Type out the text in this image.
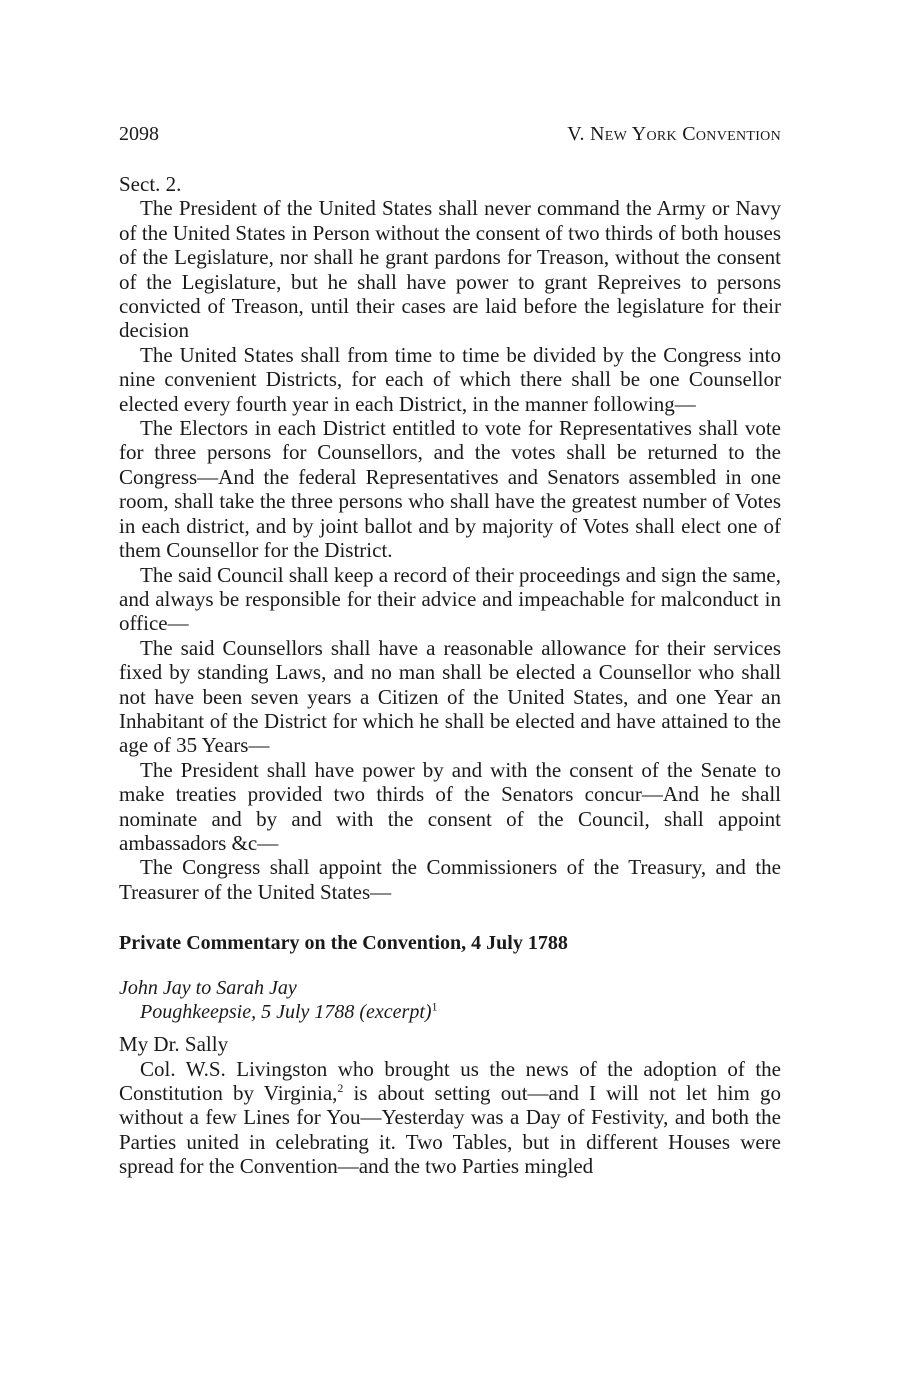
2098	V. New York Convention

Sect. 2.

The President of the United States shall never command the Army or Navy of the United States in Person without the consent of two thirds of both houses of the Legislature, nor shall he grant pardons for Treason, without the consent of the Legislature, but he shall have power to grant Repreives to persons convicted of Treason, until their cases are laid before the legislature for their decision

The United States shall from time to time be divided by the Congress into nine convenient Districts, for each of which there shall be one Counsellor elected every fourth year in each District, in the manner following—

The Electors in each District entitled to vote for Representatives shall vote for three persons for Counsellors, and the votes shall be returned to the Congress—And the federal Representatives and Senators assembled in one room, shall take the three persons who shall have the greatest number of Votes in each district, and by joint ballot and by majority of Votes shall elect one of them Counsellor for the District.

The said Council shall keep a record of their proceedings and sign the same, and always be responsible for their advice and impeachable for malconduct in office—

The said Counsellors shall have a reasonable allowance for their services fixed by standing Laws, and no man shall be elected a Counsellor who shall not have been seven years a Citizen of the United States, and one Year an Inhabitant of the District for which he shall be elected and have attained to the age of 35 Years—

The President shall have power by and with the consent of the Senate to make treaties provided two thirds of the Senators concur—And he shall nominate and by and with the consent of the Council, shall appoint ambassadors &c—

The Congress shall appoint the Commissioners of the Treasury, and the Treasurer of the United States—

Private Commentary on the Convention, 4 July 1788
John Jay to Sarah Jay
Poughkeepsie, 5 July 1788 (excerpt)$^1$

My Dr. Sally

Col. W.S. Livingston who brought us the news of the adoption of the Constitution by Virginia,$^2$ is about setting out—and I will not let him go without a few Lines for You—Yesterday was a Day of Festivity, and both the Parties united in celebrating it. Two Tables, but in different Houses were spread for the Convention—and the two Parties mingled
